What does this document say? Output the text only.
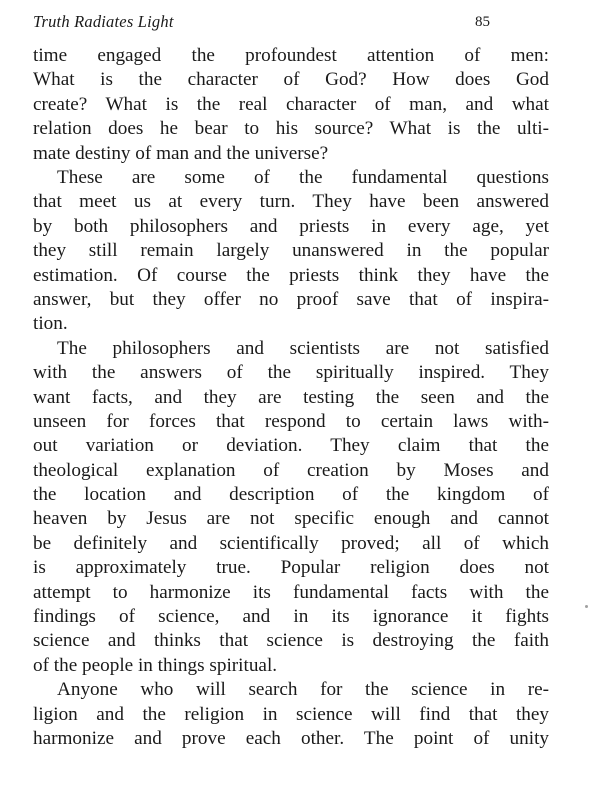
Truth Radiates Light	85
time engaged the profoundest attention of men:
What is the character of God? How does God
create? What is the real character of man, and what
relation does he bear to his source? What is the ulti-
mate destiny of man and the universe?
These are some of the fundamental questions
that meet us at every turn. They have been answered
by both philosophers and priests in every age, yet
they still remain largely unanswered in the popular
estimation. Of course the priests think they have the
answer, but they offer no proof save that of inspira-
tion.
The philosophers and scientists are not satisfied
with the answers of the spiritually inspired. They
want facts, and they are testing the seen and the
unseen for forces that respond to certain laws with-
out variation or deviation. They claim that the
theological explanation of creation by Moses and
the location and description of the kingdom of
heaven by Jesus are not specific enough and cannot
be definitely and scientifically proved; all of which
is approximately true. Popular religion does not
attempt to harmonize its fundamental facts with the
findings of science, and in its ignorance it fights
science and thinks that science is destroying the faith
of the people in things spiritual.
Anyone who will search for the science in re-
ligion and the religion in science will find that they
harmonize and prove each other. The point of unity
